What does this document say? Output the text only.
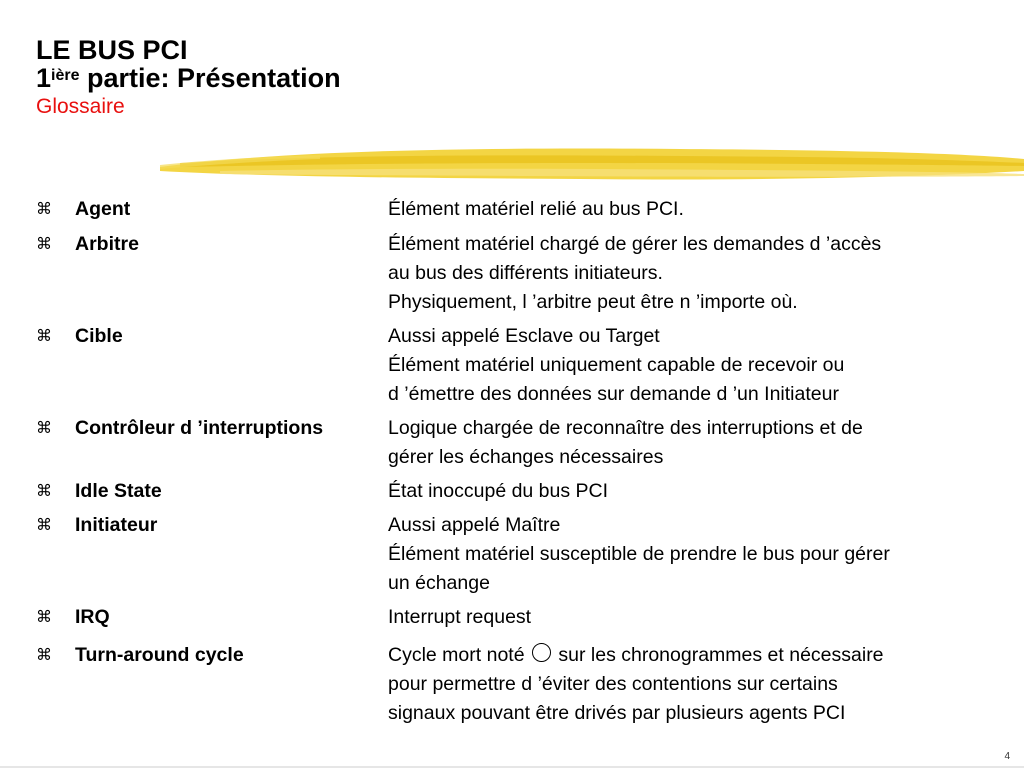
LE BUS PCI
$1^{ière}$ partie: Présentation
Glossaire
⌘	Agent	Élément matériel relié au bus PCI.
⌘	Arbitre	Élément matériel chargé de gérer les demandes d ’accès
au bus des différents initiateurs.
Physiquement, l ’arbitre peut être n ’importe où.
⌘	Cible	Aussi appelé Esclave ou Target
Élément matériel uniquement capable de recevoir ou
d ’émettre des données sur demande d ’un Initiateur
⌘	Contrôleur d ’interruptions	Logique chargée de reconnaître des interruptions et de
gérer les échanges nécessaires
⌘	Idle State	État inoccupé du bus PCI
⌘	Initiateur	Aussi appelé Maître
Élément matériel susceptible de prendre le bus pour gérer
un échange
⌘	IRQ	Interrupt request
⌘	Turn-around cycle	Cycle mort noté  sur les chronogrammes et nécessaire
pour permettre d ’éviter des contentions sur certains
signaux pouvant être drivés par plusieurs agents PCI
4
